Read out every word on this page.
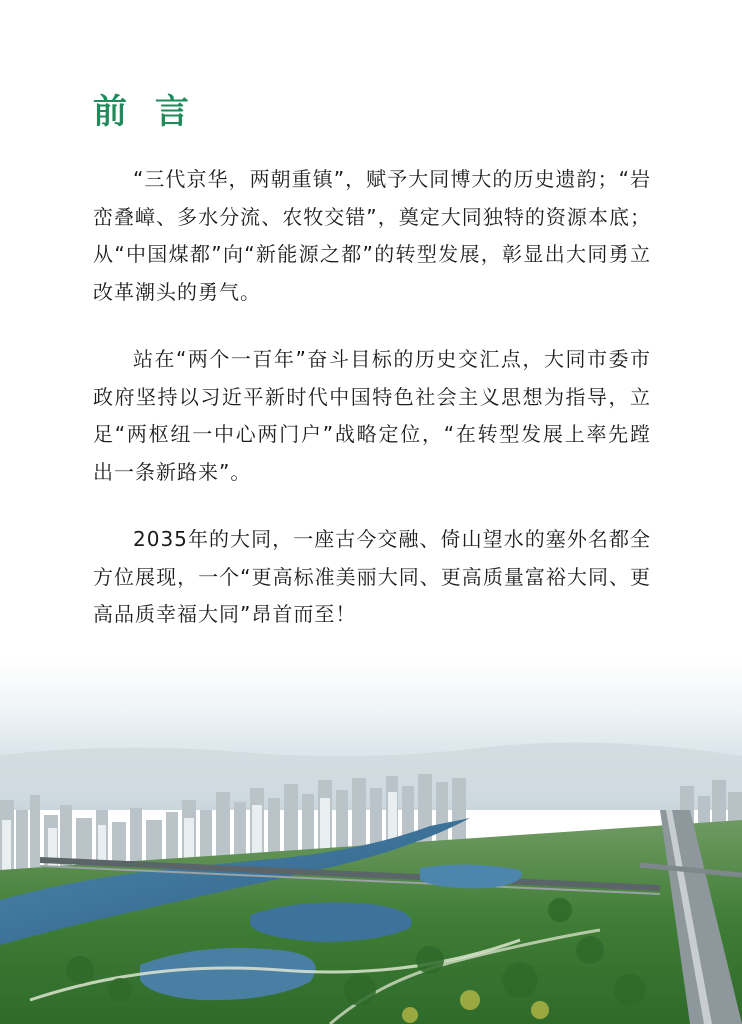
前 言

“三代京华，两朝重镇”，赋予大同博大的历史遗韵；“岩峦叠嶂、多水分流、农牧交错”，奠定大同独特的资源本底；从“中国煤都”向“新能源之都”的转型发展，彰显出大同勇立改革潮头的勇气。

站在“两个一百年”奋斗目标的历史交汇点，大同市委市政府坚持以习近平新时代中国特色社会主义思想为指导，立足“两枢纽一中心两门户”战略定位，“在转型发展上率先蹚出一条新路来”。

2035年的大同，一座古今交融、倚山望水的塞外名都全方位展现，一个“更高标准美丽大同、更高质量富裕大同、更高品质幸福大同”昂首而至！
